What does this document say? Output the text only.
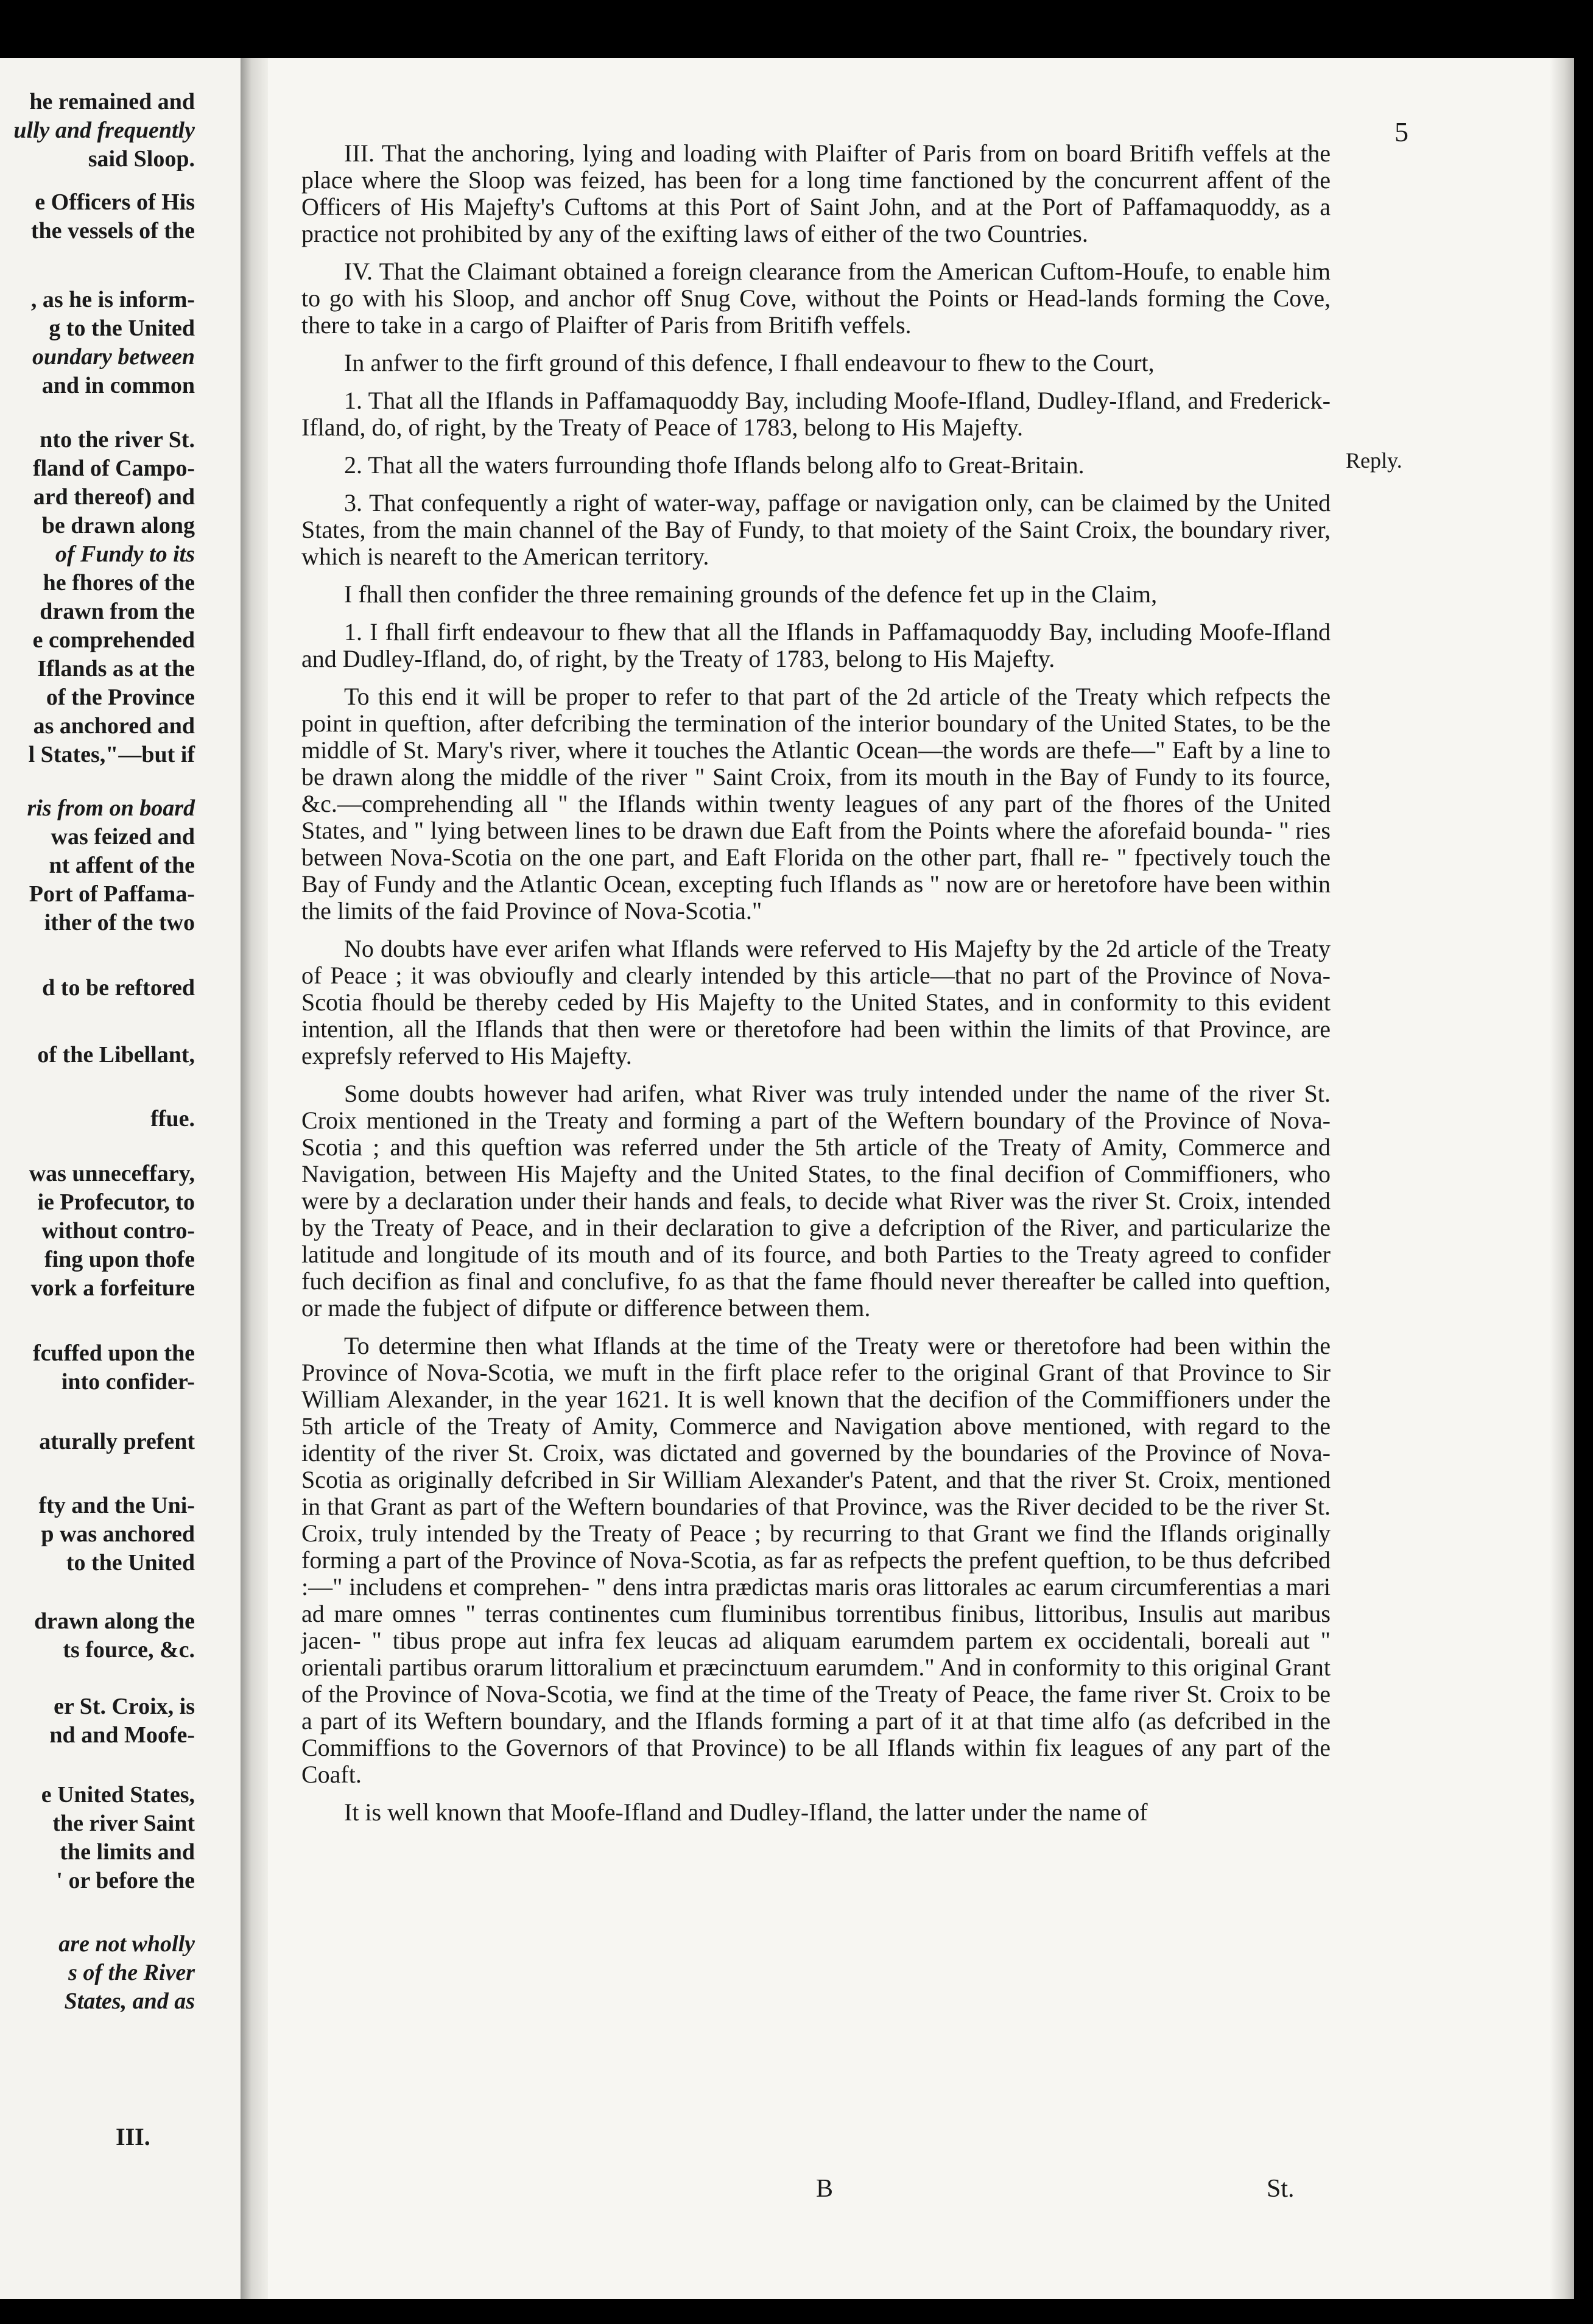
he remained and
ully and frequently
said Sloop.
e Officers of His
the vessels of the
, as he is inform-
g to the United
oundary between
and in common
nto the river St.
fland of Campo-
ard thereof) and
be drawn along
of Fundy to its
he fhores of the
drawn from the
e comprehended
Iflands as at the
of the Province
as anchored and
l States,"—but if
ris from on board
was feized and
nt affent of the
Port of Paffama-
ither of the two
d to be reftored
of the Libellant,
ffue.
was unneceffary,
ie Profecutor, to
without contro-
fing upon thofe
vork a forfeiture
fcuffed upon the
into confider-
aturally prefent
fty and the Uni-
p was anchored
to the United
drawn along the
ts fource, &c.
er St. Croix, is
nd and Moofe-
e United States,
the river Saint
the limits and
' or before the
are not wholly
s of the River
States, and as
III.
5
Reply.

III. That the anchoring, lying and loading with Plaifter of Paris from on board Britifh veffels at the place where the Sloop was feized, has been for a long time fanctioned by the concurrent affent of the Officers of His Majefty's Cuftoms at this Port of Saint John, and at the Port of Paffamaquoddy, as a practice not prohibited by any of the exifting laws of either of the two Countries.

IV. That the Claimant obtained a foreign clearance from the American Cuftom-Houfe, to enable him to go with his Sloop, and anchor off Snug Cove, without the Points or Head-lands forming the Cove, there to take in a cargo of Plaifter of Paris from Britifh veffels.

In anfwer to the firft ground of this defence, I fhall endeavour to fhew to the Court,

1. That all the Iflands in Paffamaquoddy Bay, including Moofe-Ifland, Dudley-Ifland, and Frederick-Ifland, do, of right, by the Treaty of Peace of 1783, belong to His Majefty.

2. That all the waters furrounding thofe Iflands belong alfo to Great-Britain.

3. That confequently a right of water-way, paffage or navigation only, can be claimed by the United States, from the main channel of the Bay of Fundy, to that moiety of the Saint Croix, the boundary river, which is neareft to the American territory.

I fhall then confider the three remaining grounds of the defence fet up in the Claim,

1. I fhall firft endeavour to fhew that all the Iflands in Paffamaquoddy Bay, including Moofe-Ifland and Dudley-Ifland, do, of right, by the Treaty of 1783, belong to His Majefty.

To this end it will be proper to refer to that part of the 2d article of the Treaty which refpects the point in queftion, after defcribing the termination of the interior boundary of the United States, to be the middle of St. Mary's river, where it touches the Atlantic Ocean—the words are thefe—" Eaft by a line to be drawn along the middle of the river " Saint Croix, from its mouth in the Bay of Fundy to its fource, &c.—comprehending all " the Iflands within twenty leagues of any part of the fhores of the United States, and " lying between lines to be drawn due Eaft from the Points where the aforefaid bounda- " ries between Nova-Scotia on the one part, and Eaft Florida on the other part, fhall re- " fpectively touch the Bay of Fundy and the Atlantic Ocean, excepting fuch Iflands as " now are or heretofore have been within the limits of the faid Province of Nova-Scotia."

No doubts have ever arifen what Iflands were referved to His Majefty by the 2d article of the Treaty of Peace ; it was obvioufly and clearly intended by this article—that no part of the Province of Nova-Scotia fhould be thereby ceded by His Majefty to the United States, and in conformity to this evident intention, all the Iflands that then were or theretofore had been within the limits of that Province, are exprefsly referved to His Majefty.

Some doubts however had arifen, what River was truly intended under the name of the river St. Croix mentioned in the Treaty and forming a part of the Weftern boundary of the Province of Nova-Scotia ; and this queftion was referred under the 5th article of the Treaty of Amity, Commerce and Navigation, between His Majefty and the United States, to the final decifion of Commiffioners, who were by a declaration under their hands and feals, to decide what River was the river St. Croix, intended by the Treaty of Peace, and in their declaration to give a defcription of the River, and particularize the latitude and longitude of its mouth and of its fource, and both Parties to the Treaty agreed to confider fuch decifion as final and conclufive, fo as that the fame fhould never thereafter be called into queftion, or made the fubject of difpute or difference between them.

To determine then what Iflands at the time of the Treaty were or theretofore had been within the Province of Nova-Scotia, we muft in the firft place refer to the original Grant of that Province to Sir William Alexander, in the year 1621. It is well known that the decifion of the Commiffioners under the 5th article of the Treaty of Amity, Commerce and Navigation above mentioned, with regard to the identity of the river St. Croix, was dictated and governed by the boundaries of the Province of Nova-Scotia as originally defcribed in Sir William Alexander's Patent, and that the river St. Croix, mentioned in that Grant as part of the Weftern boundaries of that Province, was the River decided to be the river St. Croix, truly intended by the Treaty of Peace ; by recurring to that Grant we find the Iflands originally forming a part of the Province of Nova-Scotia, as far as refpects the prefent queftion, to be thus defcribed :—" includens et comprehen- " dens intra prædictas maris oras littorales ac earum circumferentias a mari ad mare omnes " terras continentes cum fluminibus torrentibus finibus, littoribus, Insulis aut maribus jacen- " tibus prope aut infra fex leucas ad aliquam earumdem partem ex occidentali, boreali aut " orientali partibus orarum littoralium et præcinctuum earumdem." And in conformity to this original Grant of the Province of Nova-Scotia, we find at the time of the Treaty of Peace, the fame river St. Croix to be a part of its Weftern boundary, and the Iflands forming a part of it at that time alfo (as defcribed in the Commiffions to the Governors of that Province) to be all Iflands within fix leagues of any part of the Coaft.

It is well known that Moofe-Ifland and Dudley-Ifland, the latter under the name of

B	St.
